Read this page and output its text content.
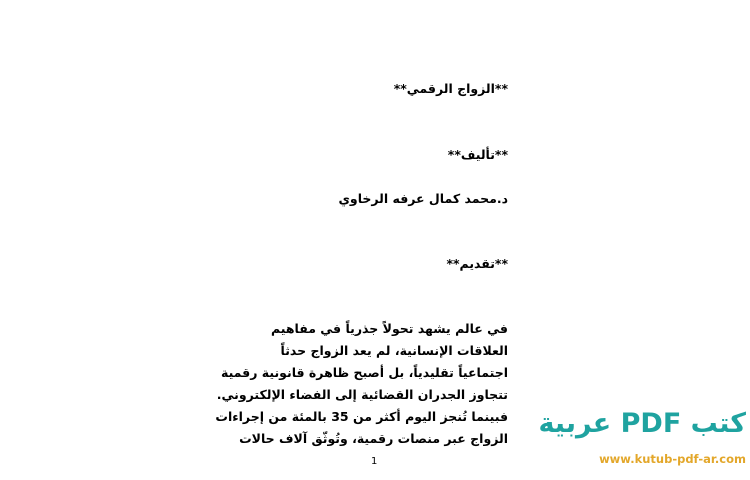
**الزواج الرقمي**
**تأليف**
د.محمد كمال عرفه الرخاوي
**تقديم**
في عالم يشهد تحولاً جذرياً في مفاهيم
العلاقات الإنسانية، لم يعد الزواج حدثاً
اجتماعياً تقليدياً، بل أصبح ظاهرة قانونية رقمية
تتجاوز الجدران القضائية إلى الفضاء الإلكتروني.
فبينما تُنجز اليوم أكثر من 35 بالمئة من إجراءات
الزواج عبر منصات رقمية، وتُوثّق آلاف حالات
1
كتب PDF عربية
www.kutub-pdf-ar.com
